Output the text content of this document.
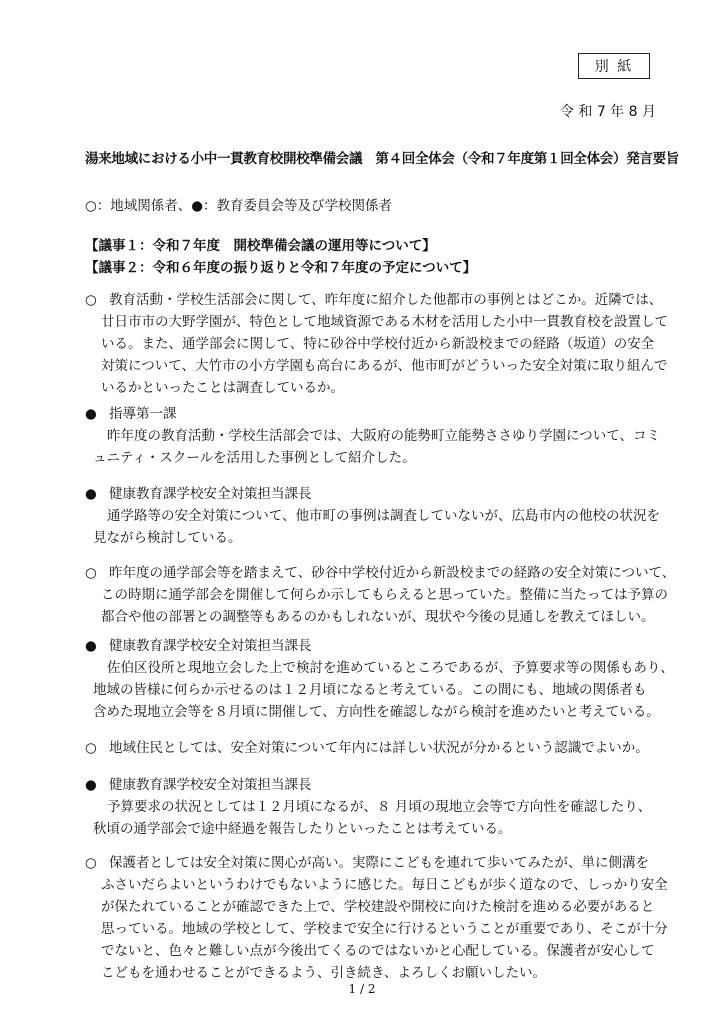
別 紙
令 和 7 年 8 月
湯来地域における小中一貫教育校開校準備会議　第４回全体会（令和７年度第１回全体会）発言要旨
○：地域関係者、●：教育委員会等及び学校関係者
【議事１：令和７年度　開校準備会議の運用等について】
【議事２：令和６年度の振り返りと令和７年度の予定について】
○ 教育活動・学校生活部会に関して、昨年度に紹介した他都市の事例とはどこか。近隣では、
廿日市市の大野学園が、特色として地域資源である木材を活用した小中一貫教育校を設置して
いる。また、通学部会に関して、特に砂谷中学校付近から新設校までの経路（坂道）の安全
対策について、大竹市の小方学園も高台にあるが、他市町がどういった安全対策に取り組んで
いるかといったことは調査しているか。
● 指導第一課
昨年度の教育活動・学校生活部会では、大阪府の能勢町立能勢ささゆり学園について、コミ
ュニティ・スクールを活用した事例として紹介した。
● 健康教育課学校安全対策担当課長
通学路等の安全対策について、他市町の事例は調査していないが、広島市内の他校の状況を
見ながら検討している。
○ 昨年度の通学部会等を踏まえて、砂谷中学校付近から新設校までの経路の安全対策について、
この時期に通学部会を開催して何らか示してもらえると思っていた。整備に当たっては予算の
都合や他の部署との調整等もあるのかもしれないが、現状や今後の見通しを教えてほしい。
● 健康教育課学校安全対策担当課長
佐伯区役所と現地立会した上で検討を進めているところであるが、予算要求等の関係もあり、
地域の皆様に何らか示せるのは１２月頃になると考えている。この間にも、地域の関係者も
含めた現地立会等を８月頃に開催して、方向性を確認しながら検討を進めたいと考えている。
○ 地域住民としては、安全対策について年内には詳しい状況が分かるという認識でよいか。
● 健康教育課学校安全対策担当課長
予算要求の状況としては１２月頃になるが、８ 月頃の現地立会等で方向性を確認したり、
秋頃の通学部会で途中経過を報告したりといったことは考えている。
○ 保護者としては安全対策に関心が高い。実際にこどもを連れて歩いてみたが、単に側溝を
ふさいだらよいというわけでもないように感じた。毎日こどもが歩く道なので、しっかり安全
が保たれていることが確認できた上で、学校建設や開校に向けた検討を進める必要があると
思っている。地域の学校として、学校まで安全に行けるということが重要であり、そこが十分
でないと、色々と難しい点が今後出てくるのではないかと心配している。保護者が安心して
こどもを通わせることができるよう、引き続き、よろしくお願いしたい。
1 / 2
